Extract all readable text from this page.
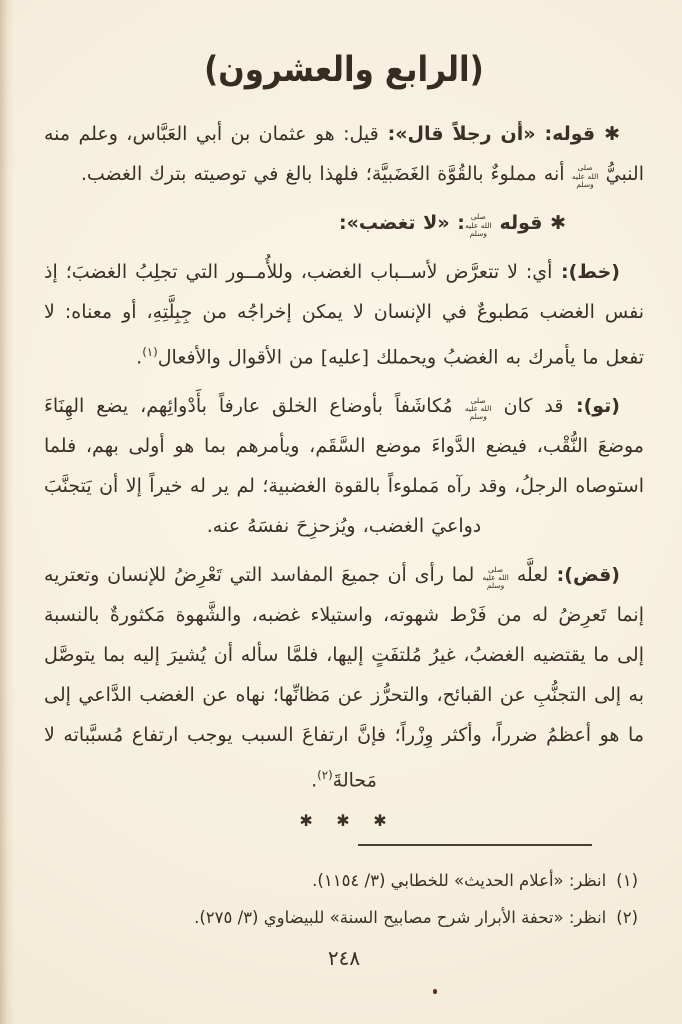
(الرابع والعشرون)

✱ قوله: «أن رجلاً قال»: قيل: هو عثمان بن أبي العَبَّاس، وعلم منه النبيُّ صلى الله عليه وسلم أنه مملوءٌ بالقُوَّة الغَضَبيَّة؛ فلهذا بالغ في توصيته بترك الغضب.

✱ قوله صلى الله عليه وسلم: «لا تغضب»:

(خط): أي: لا تتعرَّض لأســباب الغضب، وللأُمــور التي تجلِبُ الغضبَ؛ إذ نفس الغضب مَطبوعٌ في الإنسان لا يمكن إخراجُه من جِبِلَّتِهِ، أو معناه: لا تفعل ما يأمرك به الغضبُ ويحملك [عليه] من الأقوال والأفعال$^{(١)}$.

(تو): قد كان صلى الله عليه وسلم مُكاشَفاً بأوضاع الخلق عارفاً بأَدْوائِهم، يضع الهِنَاءَ موضعَ النُّقْب، فيضع الدَّواءَ موضع السَّقَم، ويأمرهم بما هو أولى بهم، فلما استوصاه الرجلُ، وقد رآه مَملوءاً بالقوة الغضبية؛ لم ير له خيراً إلا أن يَتجنَّبَ دواعيَ الغضب، ويُزحزِحَ نفسَهُ عنه.

(قض): لعلَّه صلى الله عليه وسلم لما رأى أن جميعَ المفاسد التي تَعْرِضُ للإنسان وتعتريه إنما تَعرِضُ له من فَرْط شهوته، واستيلاء غضبه، والشَّهوة مَكثورةٌ بالنسبة إلى ما يقتضيه الغضبُ، غيرُ مُلتفَتٍ إليها، فلمَّا سأله أن يُشيرَ إليه بما يتوصَّل به إلى التجنُّبِ عن القبائح، والتحرُّز عن مَظانِّها؛ نهاه عن الغضب الدَّاعي إلى ما هو أعظمُ ضرراً، وأكثر وِزْراً؛ فإنَّ ارتفاعَ السبب يوجب ارتفاع مُسبَّباته لا مَحالةَ$^{(٢)}$.

✱ ✱ ✱
(١)انظر: «أعلام الحديث» للخطابي (٣/ ١١٥٤).
(٢)انظر: «تحفة الأبرار شرح مصابيح السنة» للبيضاوي (٣/ ٢٧٥).
٢٤٨
